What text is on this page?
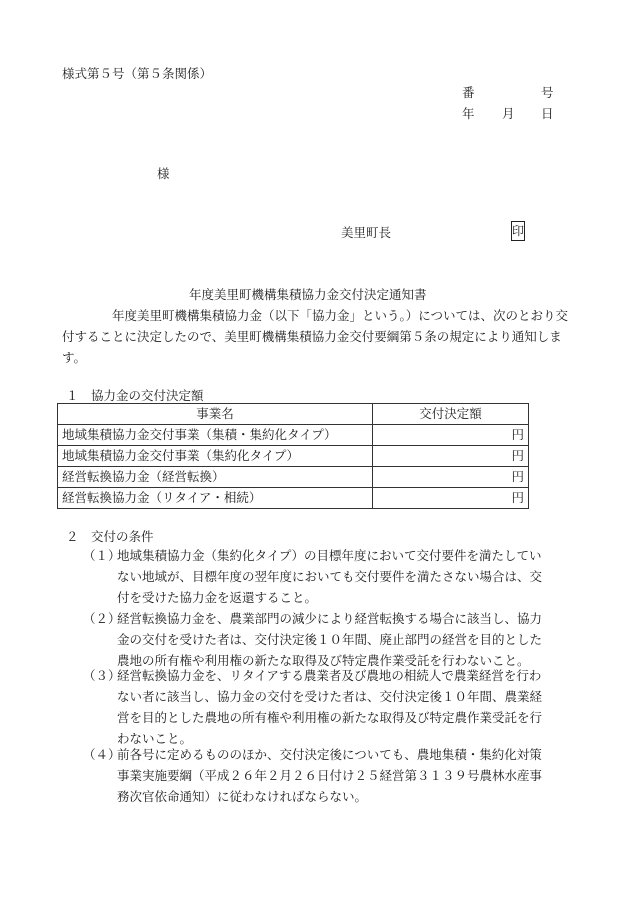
様式第５号（第５条関係）
番	号
年 月 日
様
美里町長	印
年度美里町機構集積協力金交付決定通知書
年度美里町機構集積協力金（以下「協力金」という。）については、次のとおり交付することに決定したので、美里町機構集積協力金交付要綱第５条の規定により通知します。
１　協力金の交付決定額
事業名	交付決定額
地域集積協力金交付事業（集積・集約化タイプ）	円
地域集積協力金交付事業（集約化タイプ）	円
経営転換協力金（経営転換）	円
経営転換協力金（リタイア・相続）	円
２　交付の条件
（１）
地域集積協力金（集約化タイプ）の目標年度において交付要件を満たしていない地域が、目標年度の翌年度においても交付要件を満たさない場合は、交付を受けた協力金を返還すること。
（２）
経営転換協力金を、農業部門の減少により経営転換する場合に該当し、協力金の交付を受けた者は、交付決定後１０年間、廃止部門の経営を目的とした農地の所有権や利用権の新たな取得及び特定農作業受託を行わないこと。
（３）
経営転換協力金を、リタイアする農業者及び農地の相続人で農業経営を行わない者に該当し、協力金の交付を受けた者は、交付決定後１０年間、農業経営を目的とした農地の所有権や利用権の新たな取得及び特定農作業受託を行わないこと。
（４）
前各号に定めるもののほか、交付決定後についても、農地集積・集約化対策事業実施要綱（平成２６年２月２６日付け２５経営第３１３９号農林水産事務次官依命通知）に従わなければならない。
